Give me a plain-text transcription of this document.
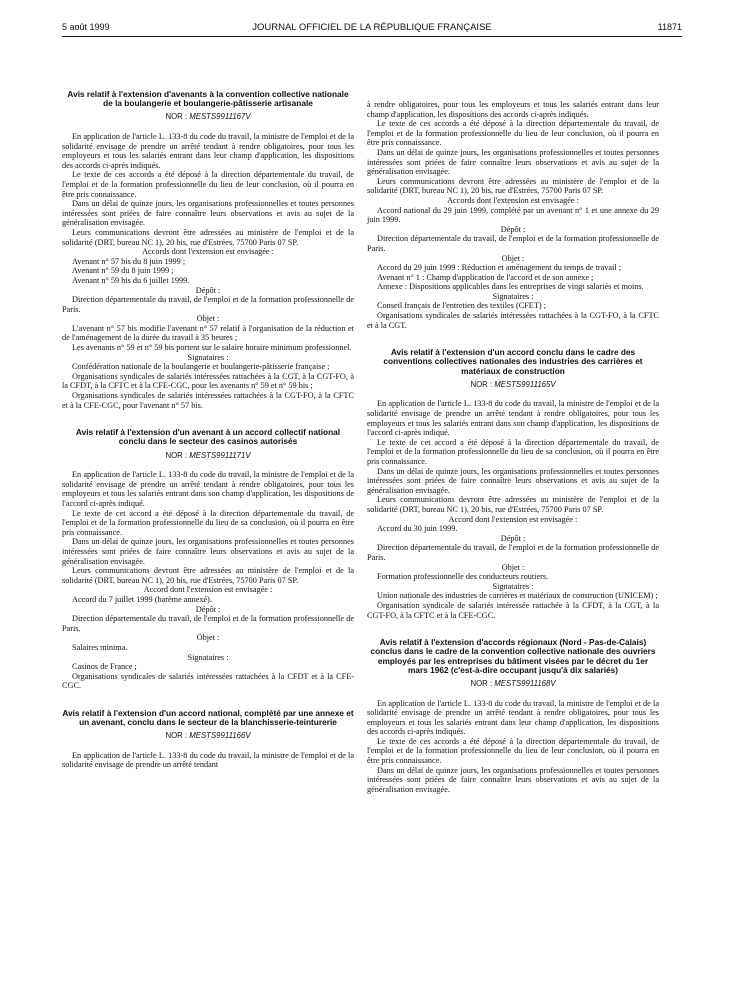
5 août 1999	JOURNAL OFFICIEL DE LA RÉPUBLIQUE FRANÇAISE	11871
Avis relatif à l'extension d'avenants à la convention collective nationale de la boulangerie et boulangerie-pâtisserie artisanale
NOR : MESTS9911167V

En application de l'article L. 133-8 du code du travail, la ministre de l'emploi et de la solidarité envisage de prendre un arrêté tendant à rendre obligatoires, pour tous les employeurs et tous les salariés entrant dans leur champ d'application, les dispositions des accords ci-après indiqués.

Le texte de ces accords a été déposé à la direction départementale du travail, de l'emploi et de la formation professionnelle du lieu de leur conclusion, où il pourra en être pris connaissance.

Dans un délai de quinze jours, les organisations professionnelles et toutes personnes intéressées sont priées de faire connaître leurs observations et avis au sujet de la généralisation envisagée.

Leurs communications devront être adressées au ministère de l'emploi et de la solidarité (DRT, bureau NC 1), 20 bis, rue d'Estrées, 75700 Paris 07 SP.

Accords dont l'extension est envisagée :

Avenant n° 57 bis du 8 juin 1999 ;

Avenant n° 59 du 8 juin 1999 ;

Avenant n° 59 bis du 6 juillet 1999.

Dépôt :

Direction départementale du travail, de l'emploi et de la formation professionnelle de Paris.

Objet :

L'avenant n° 57 bis modifie l'avenant n° 57 relatif à l'organisation de la réduction et de l'aménagement de la durée du travail à 35 heures ;

Les avenants n° 59 et n° 59 bis portent sur le salaire horaire minimum professionnel.

Signataires :

Confédération nationale de la boulangerie et boulangerie-pâtisserie française ;

Organisations syndicales de salariés intéressées rattachées à la CGT, à la CGT-FO, à la CFDT, à la CFTC et à la CFE-CGC, pour les avenants n° 59 et n° 59 bis ;

Organisations syndicales de salariés intéressées rattachées à la CGT-FO, à la CFTC et à la CFE-CGC, pour l'avenant n° 57 bis.

Avis relatif à l'extension d'un avenant à un accord collectif national conclu dans le secteur des casinos autorisés
NOR : MESTS9911171V

En application de l'article L. 133-8 du code du travail, la ministre de l'emploi et de la solidarité envisage de prendre un arrêté tendant à rendre obligatoires, pour tous les employeurs et tous les salariés entrant dans son champ d'application, les dispositions de l'accord ci-après indiqué.

Le texte de cet accord a été déposé à la direction départementale du travail, de l'emploi et de la formation professionnelle du lieu de sa conclusion, où il pourra en être pris connaissance.

Dans un délai de quinze jours, les organisations professionnelles et toutes personnes intéressées sont priées de faire connaître leurs observations et avis au sujet de la généralisation envisagée.

Leurs communications devront être adressées au ministère de l'emploi et de la solidarité (DRT, bureau NC 1), 20 bis, rue d'Estrées, 75700 Paris 07 SP.

Accord dont l'extension est envisagée :

Accord du 7 juillet 1999 (barème annexé).

Dépôt :

Direction départementale du travail, de l'emploi et de la formation professionnelle de Paris.

Objet :

Salaires minima.

Signataires :

Casinos de France ;

Organisations syndicales de salariés intéressées rattachées à la CFDT et à la CFE-CGC.

Avis relatif à l'extension d'un accord national, complété par une annexe et un avenant, conclu dans le secteur de la blanchisserie-teinturerie
NOR : MESTS9911166V

En application de l'article L. 133-8 du code du travail, la ministre de l'emploi et de la solidarité envisage de prendre un arrêté tendant

à rendre obligatoires, pour tous les employeurs et tous les salariés entrant dans leur champ d'application, les dispositions des accords ci-après indiqués.

Le texte de ces accords a été déposé à la direction départementale du travail, de l'emploi et de la formation professionnelle du lieu de leur conclusion, où il pourra en être pris connaissance.

Dans un délai de quinze jours, les organisations professionnelles et toutes personnes intéressées sont priées de faire connaître leurs observations et avis au sujet de la généralisation envisagée.

Leurs communications devront être adressées au ministère de l'emploi et de la solidarité (DRT, bureau NC 1), 20 bis, rue d'Estrées, 75700 Paris 07 SP.

Accords dont l'extension est envisagée :

Accord national du 29 juin 1999, complété par un avenant n° 1 et une annexe du 29 juin 1999.

Dépôt :

Direction départementale du travail, de l'emploi et de la formation professionnelle de Paris.

Objet :

Accord du 29 juin 1999 : Réduction et aménagement du temps de travail ;

Avenant n° 1 : Champ d'application de l'accord et de son annexe ;

Annexe : Dispositions applicables dans les entreprises de vingt salariés et moins.

Signataires :

Conseil français de l'entretien des textiles (CFET) ;

Organisations syndicales de salariés intéressées rattachées à la CGT-FO, à la CFTC et à la CGT.

Avis relatif à l'extension d'un accord conclu dans le cadre des conventions collectives nationales des industries des carrières et matériaux de construction
NOR : MESTS9911165V

En application de l'article L. 133-8 du code du travail, la ministre de l'emploi et de la solidarité envisage de prendre un arrêté tendant à rendre obligatoires, pour tous les employeurs et tous les salariés entrant dans son champ d'application, les dispositions de l'accord ci-après indiqué.

Le texte de cet accord a été déposé à la direction départementale du travail, de l'emploi et de la formation professionnelle du lieu de sa conclusion, où il pourra en être pris connaissance.

Dans un délai de quinze jours, les organisations professionnelles et toutes personnes intéressées sont priées de faire connaître leurs observations et avis au sujet de la généralisation envisagée.

Leurs communications devront être adressées au ministère de l'emploi et de la solidarité (DRT, bureau NC 1), 20 bis, rue d'Estrées, 75700 Paris 07 SP.

Accord dont l'extension est envisagée :

Accord du 30 juin 1999.

Dépôt :

Direction départementale du travail, de l'emploi et de la formation professionnelle de Paris.

Objet :

Formation professionnelle des conducteurs routiers.

Signataires :

Union nationale des industries de carrières et matériaux de construction (UNICEM) ;

Organisation syndicale de salariés intéressée rattachée à la CFDT, à la CGT, à la CGT-FO, à la CFTC et à la CFE-CGC.

Avis relatif à l'extension d'accords régionaux (Nord - Pas-de-Calais) conclus dans le cadre de la convention collective nationale des ouvriers employés par les entreprises du bâtiment visées par le décret du 1er mars 1962 (c'est-à-dire occupant jusqu'à dix salariés)
NOR : MESTS9911168V

En application de l'article L. 133-8 du code du travail, la ministre de l'emploi et de la solidarité envisage de prendre un arrêté tendant à rendre obligatoires, pour tous les employeurs et tous les salariés entrant dans leur champ d'application, les dispositions des accords ci-après indiqués.

Le texte de ces accords a été déposé à la direction départementale du travail, de l'emploi et de la formation professionnelle du lieu de leur conclusion, où il pourra en être pris connaissance.

Dans un délai de quinze jours, les organisations professionnelles et toutes personnes intéressées sont priées de faire connaître leurs observations et avis au sujet de la généralisation envisagée.
